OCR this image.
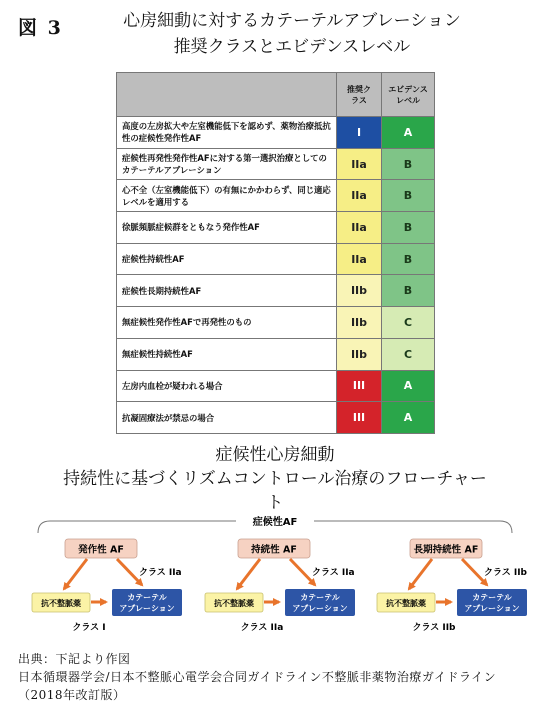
図 3	心房細動に対するカテーテルアブレーション
推奨クラスとエビデンスレベル
	推奨クラス	エビデンスレベル
高度の左房拡大や左室機能低下を認めず、薬物治療抵抗性の症候性発作性AF	I	A
症候性再発性発作性AFに対する第一選択治療としてのカテーテルアブレーション	IIa	B
心不全（左室機能低下）の有無にかかわらず、同じ適応レベルを適用する	IIa	B
徐脈頻脈症候群をともなう発作性AF	IIa	B
症候性持続性AF	IIa	B
症候性長期持続性AF	IIb	B
無症候性発作性AFで再発性のもの	IIb	C
無症候性持続性AF	IIb	C
左房内血栓が疑われる場合	III	A
抗凝固療法が禁忌の場合	III	A
症候性心房細動
持続性に基づくリズムコントロール治療のフローチャート
症候性AF
発作性 AF
抗不整脈薬
カテーテルアブレーション
クラス IIa
クラス I
持続性 AF
抗不整脈薬
カテーテルアブレーション
クラス IIa
クラス IIa
長期持続性 AF
抗不整脈薬
カテーテルアブレーション
クラス IIb
クラス IIb
出典：下記より作図
日本循環器学会/日本不整脈心電学会合同ガイドライン不整脈非薬物治療ガイドライン（2018年改訂版）
